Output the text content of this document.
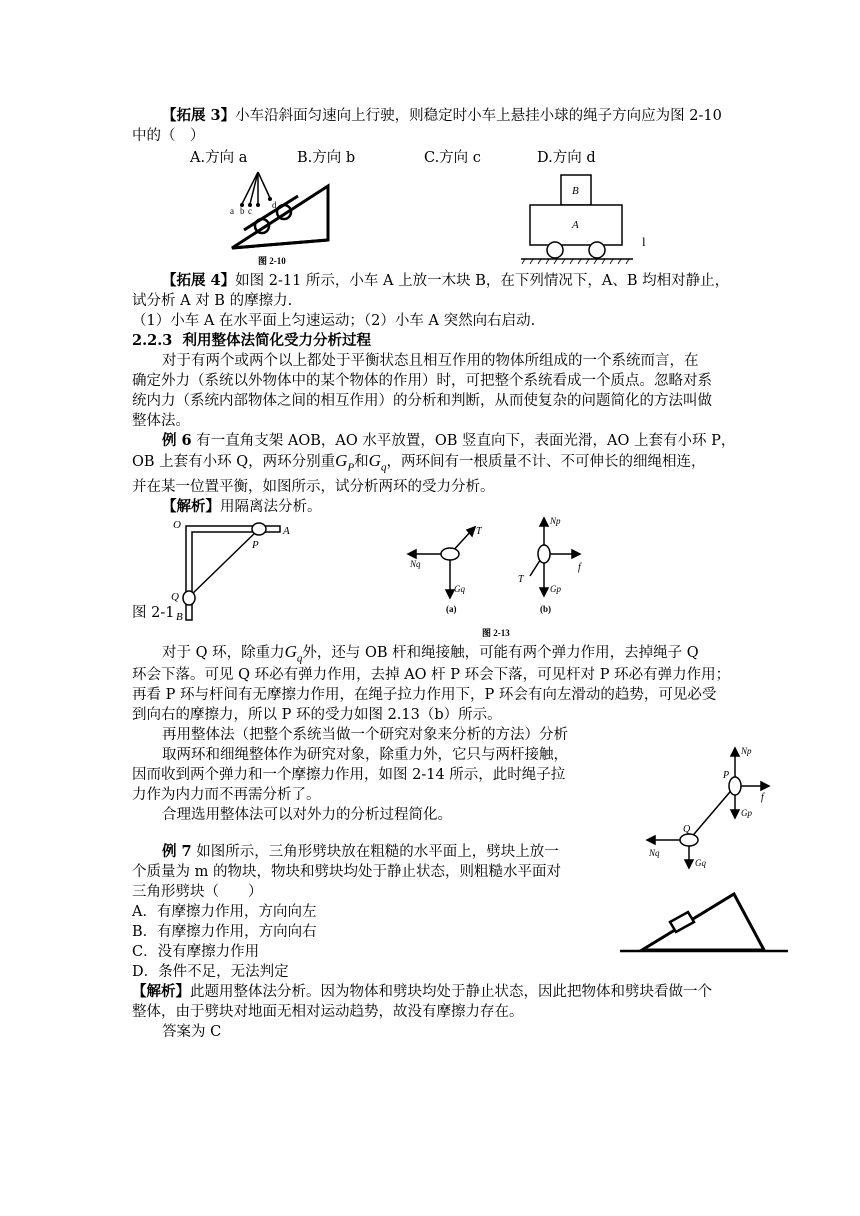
【拓展 3】小车沿斜面匀速向上行驶，则稳定时小车上悬挂小球的绳子方向应为图 2-10
中的（　）
A.方向 a	B.方向 b	C.方向 c	D.方向 d
a b c
d
图 2-10
B
A
l
【拓展 4】如图 2-11 所示，小车 A 上放一木块 B，在下列情况下，A、B 均相对静止，
试分析 A 对 B 的摩擦力.
（1）小车 A 在水平面上匀速运动；（2）小车 A 突然向右启动.
2.2.3 利用整体法简化受力分析过程
对于有两个或两个以上都处于平衡状态且相互作用的物体所组成的一个系统而言，在
确定外力（系统以外物体中的某个物体的作用）时，可把整个系统看成一个质点。忽略对系
统内力（系统内部物体之间的相互作用）的分析和判断，从而使复杂的问题简化的方法叫做
整体法。
例 6 有一直角支架 AOB，AO 水平放置，OB 竖直向下，表面光滑，AO 上套有小环 P，
OB 上套有小环 Q，两环分别重$G_P$和$G_q$，两环间有一根质量不计、不可伸长的细绳相连，
并在某一位置平衡，如图所示，试分析两环的受力分析。
【解析】用隔离法分析。
O	A
P
Q
B
图 2-1
T
Nq
Gq
Np
f
T
Gp
(a)	(b)
图 2-13
对于 Q 环，除重力$G_q$外，还与 OB 杆和绳接触，可能有两个弹力作用，去掉绳子 Q
环会下落。可见 Q 环必有弹力作用，去掉 AO 杆 P 环会下落，可见杆对 P 环必有弹力作用；
再看 P 环与杆间有无摩擦力作用，在绳子拉力作用下，P 环会有向左滑动的趋势，可见必受
到向右的摩擦力，所以 P 环的受力如图 2.13（b）所示。
再用整体法（把整个系统当做一个研究对象来分析的方法）分析
取两环和细绳整体作为研究对象，除重力外，它只与两杆接触，
因而收到两个弹力和一个摩擦力作用，如图 2-14 所示，此时绳子拉
力作为内力而不再需分析了。
合理选用整体法可以对外力的分析过程简化。
Np
P
f
Gp
Q
Nq
Gq
例 7 如图所示，三角形劈块放在粗糙的水平面上，劈块上放一
个质量为 m 的物块，物块和劈块均处于静止状态，则粗糙水平面对
三角形劈块（　　）
A．有摩擦力作用，方向向左
B．有摩擦力作用，方向向右
C．没有摩擦力作用
D．条件不足，无法判定
【解析】此题用整体法分析。因为物体和劈块均处于静止状态，因此把物体和劈块看做一个
整体，由于劈块对地面无相对运动趋势，故没有摩擦力存在。
答案为 C
